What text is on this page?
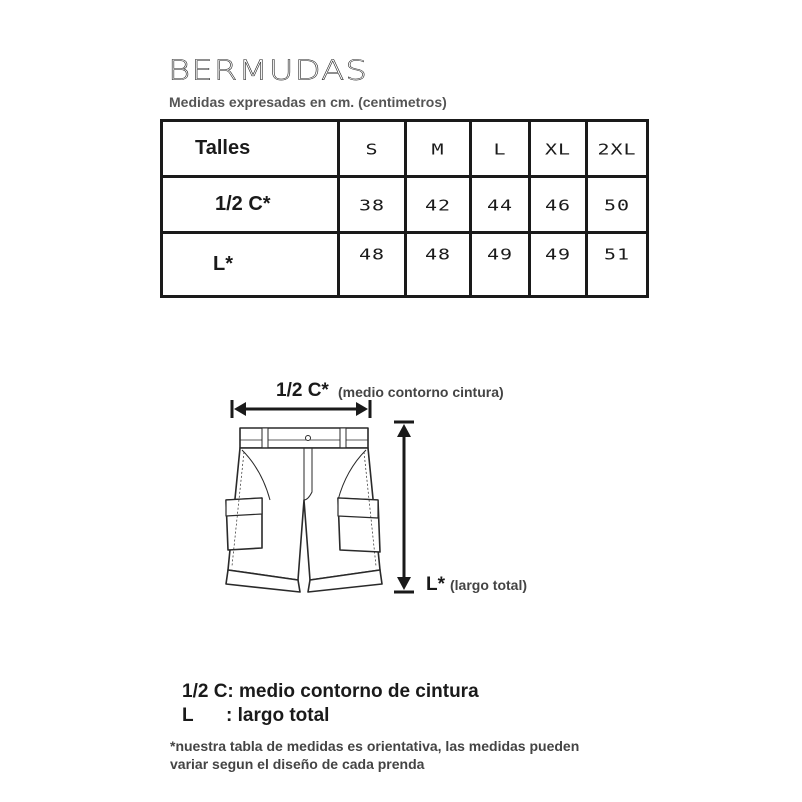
BERMUDAS
Medidas expresadas en cm. (centimetros)
Talles	S	M	L	XL	2XL

1/2 C*	38	42	44	46	50

L*	48	48	49	49	51
1/2 C* (medio contorno cintura)
L* (largo total)
1/2 C: medio contorno de cintura
L : largo total
*nuestra tabla de medidas es orientativa, las medidas pueden
variar segun el diseño de cada prenda
